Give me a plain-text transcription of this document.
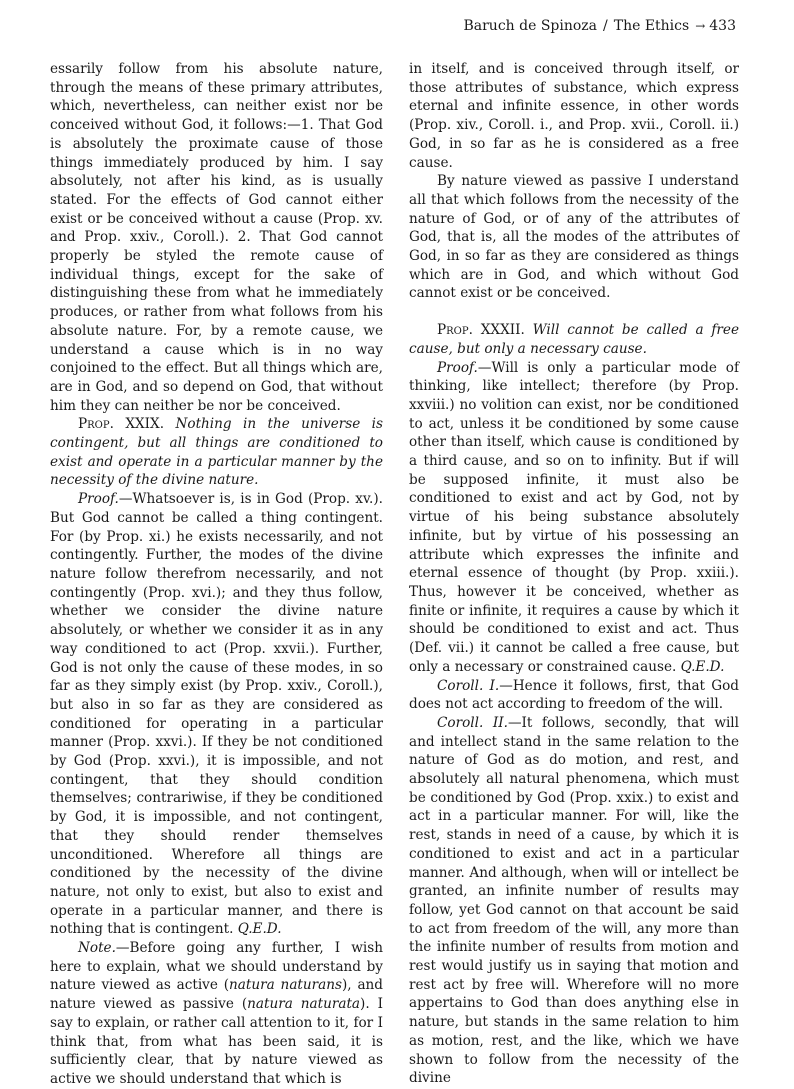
Baruch de Spinoza / The Ethics → 433

essarily follow from his absolute nature, through the means of these primary attributes, which, nevertheless, can neither exist nor be conceived without God, it follows:—1. That God is absolutely the proximate cause of those things immediately produced by him. I say absolutely, not after his kind, as is usually stated. For the effects of God cannot either exist or be conceived without a cause (Prop. xv. and Prop. xxiv., Coroll.). 2. That God cannot properly be styled the remote cause of individual things, except for the sake of distinguishing these from what he immediately produces, or rather from what follows from his absolute nature. For, by a remote cause, we understand a cause which is in no way conjoined to the effect. But all things which are, are in God, and so depend on God, that without him they can neither be nor be conceived.

Prop. XXIX. Nothing in the universe is contingent, but all things are conditioned to exist and operate in a particular manner by the necessity of the divine nature.

Proof.—Whatsoever is, is in God (Prop. xv.). But God cannot be called a thing contingent. For (by Prop. xi.) he exists necessarily, and not contingently. Further, the modes of the divine nature follow therefrom necessarily, and not contingently (Prop. xvi.); and they thus follow, whether we consider the divine nature absolutely, or whether we consider it as in any way conditioned to act (Prop. xxvii.). Further, God is not only the cause of these modes, in so far as they simply exist (by Prop. xxiv., Coroll.), but also in so far as they are considered as conditioned for operating in a particular manner (Prop. xxvi.). If they be not conditioned by God (Prop. xxvi.), it is impossible, and not contingent, that they should condition themselves; contrariwise, if they be conditioned by God, it is impossible, and not contingent, that they should render themselves unconditioned. Wherefore all things are conditioned by the necessity of the divine nature, not only to exist, but also to exist and operate in a particular manner, and there is nothing that is contingent. Q.E.D.

Note.—Before going any further, I wish here to explain, what we should understand by nature viewed as active (natura naturans), and nature viewed as passive (natura naturata). I say to explain, or rather call attention to it, for I think that, from what has been said, it is sufficiently clear, that by nature viewed as active we should understand that which is

in itself, and is conceived through itself, or those attributes of substance, which express eternal and infinite essence, in other words (Prop. xiv., Coroll. i., and Prop. xvii., Coroll. ii.) God, in so far as he is considered as a free cause.

By nature viewed as passive I understand all that which follows from the necessity of the nature of God, or of any of the attributes of God, that is, all the modes of the attributes of God, in so far as they are considered as things which are in God, and which without God cannot exist or be conceived.

Prop. XXXII. Will cannot be called a free cause, but only a necessary cause.

Proof.—Will is only a particular mode of thinking, like intellect; therefore (by Prop. xxviii.) no volition can exist, nor be conditioned to act, unless it be conditioned by some cause other than itself, which cause is conditioned by a third cause, and so on to infinity. But if will be supposed infinite, it must also be conditioned to exist and act by God, not by virtue of his being substance absolutely infinite, but by virtue of his possessing an attribute which expresses the infinite and eternal essence of thought (by Prop. xxiii.). Thus, however it be conceived, whether as finite or infinite, it requires a cause by which it should be conditioned to exist and act. Thus (Def. vii.) it cannot be called a free cause, but only a necessary or constrained cause. Q.E.D.

Coroll. I.—Hence it follows, first, that God does not act according to freedom of the will.

Coroll. II.—It follows, secondly, that will and intellect stand in the same relation to the nature of God as do motion, and rest, and absolutely all natural phenomena, which must be conditioned by God (Prop. xxix.) to exist and act in a particular manner. For will, like the rest, stands in need of a cause, by which it is conditioned to exist and act in a particular manner. And although, when will or intellect be granted, an infinite number of results may follow, yet God cannot on that account be said to act from freedom of the will, any more than the infinite number of results from motion and rest would justify us in saying that motion and rest act by free will. Wherefore will no more appertains to God than does anything else in nature, but stands in the same relation to him as motion, rest, and the like, which we have shown to follow from the necessity of the divine
